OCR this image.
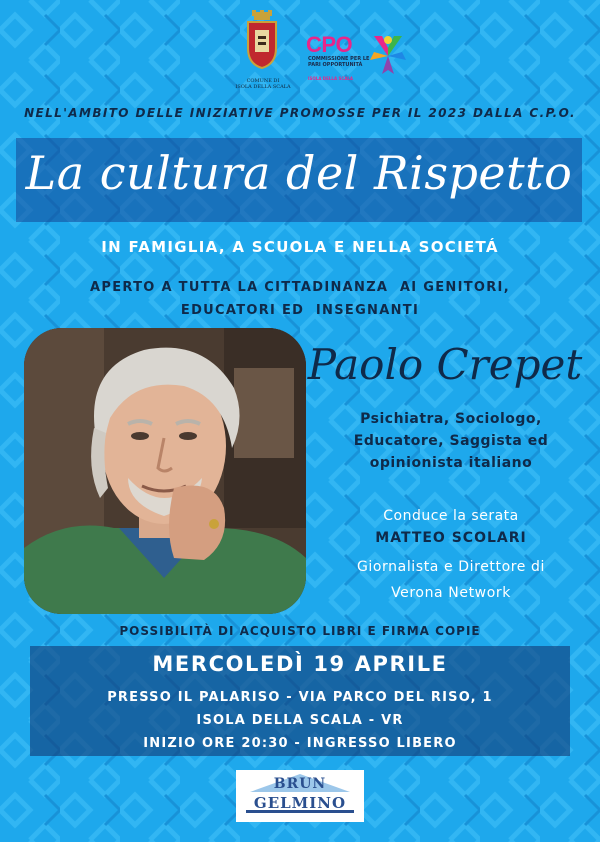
COMUNE DI
ISOLA DELLA SCALA
CPO
COMMISSIONE PER LE PARI OPPORTUNITÀ
ISOLA DELLA SCALA
NELL'AMBITO DELLE INIZIATIVE PROMOSSE PER IL 2023 DALLA C.P.O.
La cultura del Rispetto
IN FAMIGLIA, A SCUOLA E NELLA SOCIETÁ
APERTO A TUTTA LA CITTADINANZA  AI GENITORI,
EDUCATORI ED  INSEGNANTI
Paolo Crepet
Psichiatra, Sociologo,
Educatore, Saggista ed
opinionista italiano
Conduce la serata
MATTEO SCOLARI
Giornalista e Direttore di
Verona Network
POSSIBILITÀ DI ACQUISTO LIBRI E FIRMA COPIE
MERCOLEDÌ 19 APRILE
PRESSO IL PALARISO - VIA PARCO DEL RISO, 1
ISOLA DELLA SCALA - VR
INIZIO ORE 20:30 - INGRESSO LIBERO
BRUN
GELMINO
